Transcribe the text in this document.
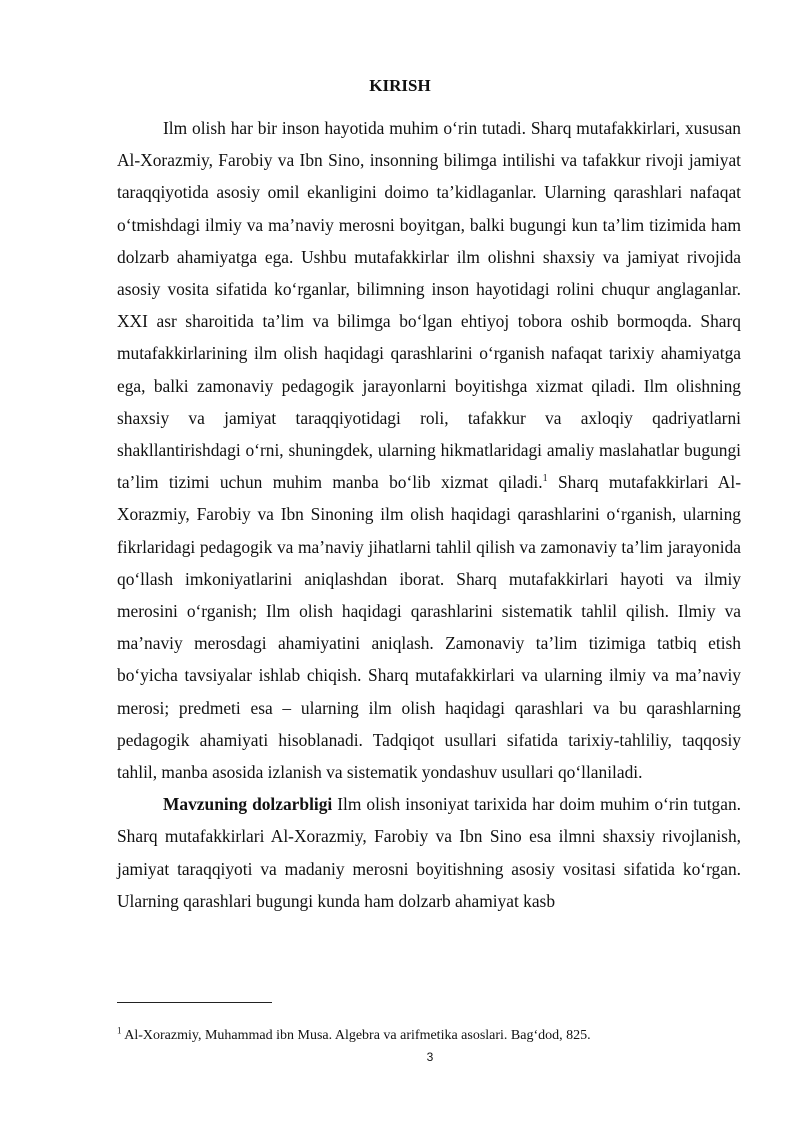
KIRISH

Ilm olish har bir inson hayotida muhim o‘rin tutadi. Sharq mutafakkirlari, xususan Al-Xorazmiy, Farobiy va Ibn Sino, insonning bilimga intilishi va tafakkur rivoji jamiyat taraqqiyotida asosiy omil ekanligini doimo ta’kidlaganlar. Ularning qarashlari nafaqat o‘tmishdagi ilmiy va ma’naviy merosni boyitgan, balki bugungi kun ta’lim tizimida ham dolzarb ahamiyatga ega. Ushbu mutafakkirlar ilm olishni shaxsiy va jamiyat rivojida asosiy vosita sifatida ko‘rganlar, bilimning inson hayotidagi rolini chuqur anglaganlar. XXI asr sharoitida ta’lim va bilimga bo‘lgan ehtiyoj tobora oshib bormoqda. Sharq mutafakkirlarining ilm olish haqidagi qarashlarini o‘rganish nafaqat tarixiy ahamiyatga ega, balki zamonaviy pedagogik jarayonlarni boyitishga xizmat qiladi. Ilm olishning shaxsiy va jamiyat taraqqiyotidagi roli, tafakkur va axloqiy qadriyatlarni shakllantirishdagi o‘rni, shuningdek, ularning hikmatlaridagi amaliy maslahatlar bugungi ta’lim tizimi uchun muhim manba bo‘lib xizmat qiladi.$^1$ Sharq mutafakkirlari Al-Xorazmiy, Farobiy va Ibn Sinoning ilm olish haqidagi qarashlarini o‘rganish, ularning fikrlaridagi pedagogik va ma’naviy jihatlarni tahlil qilish va zamonaviy ta’lim jarayonida qo‘llash imkoniyatlarini aniqlashdan iborat. Sharq mutafakkirlari hayoti va ilmiy merosini o‘rganish; Ilm olish haqidagi qarashlarini sistematik tahlil qilish. Ilmiy va ma’naviy merosdagi ahamiyatini aniqlash. Zamonaviy ta’lim tizimiga tatbiq etish bo‘yicha tavsiyalar ishlab chiqish. Sharq mutafakkirlari va ularning ilmiy va ma’naviy merosi; predmeti esa – ularning ilm olish haqidagi qarashlari va bu qarashlarning pedagogik ahamiyati hisoblanadi. Tadqiqot usullari sifatida tarixiy-tahliliy, taqqosiy tahlil, manba asosida izlanish va sistematik yondashuv usullari qo‘llaniladi.

Mavzuning dolzarbligi Ilm olish insoniyat tarixida har doim muhim o‘rin tutgan. Sharq mutafakkirlari Al-Xorazmiy, Farobiy va Ibn Sino esa ilmni shaxsiy rivojlanish, jamiyat taraqqiyoti va madaniy merosni boyitishning asosiy vositasi sifatida ko‘rgan. Ularning qarashlari bugungi kunda ham dolzarb ahamiyat kasb

$^1$ Al-Xorazmiy, Muhammad ibn Musa. Algebra va arifmetika asoslari. Bag‘dod, 825.
3
